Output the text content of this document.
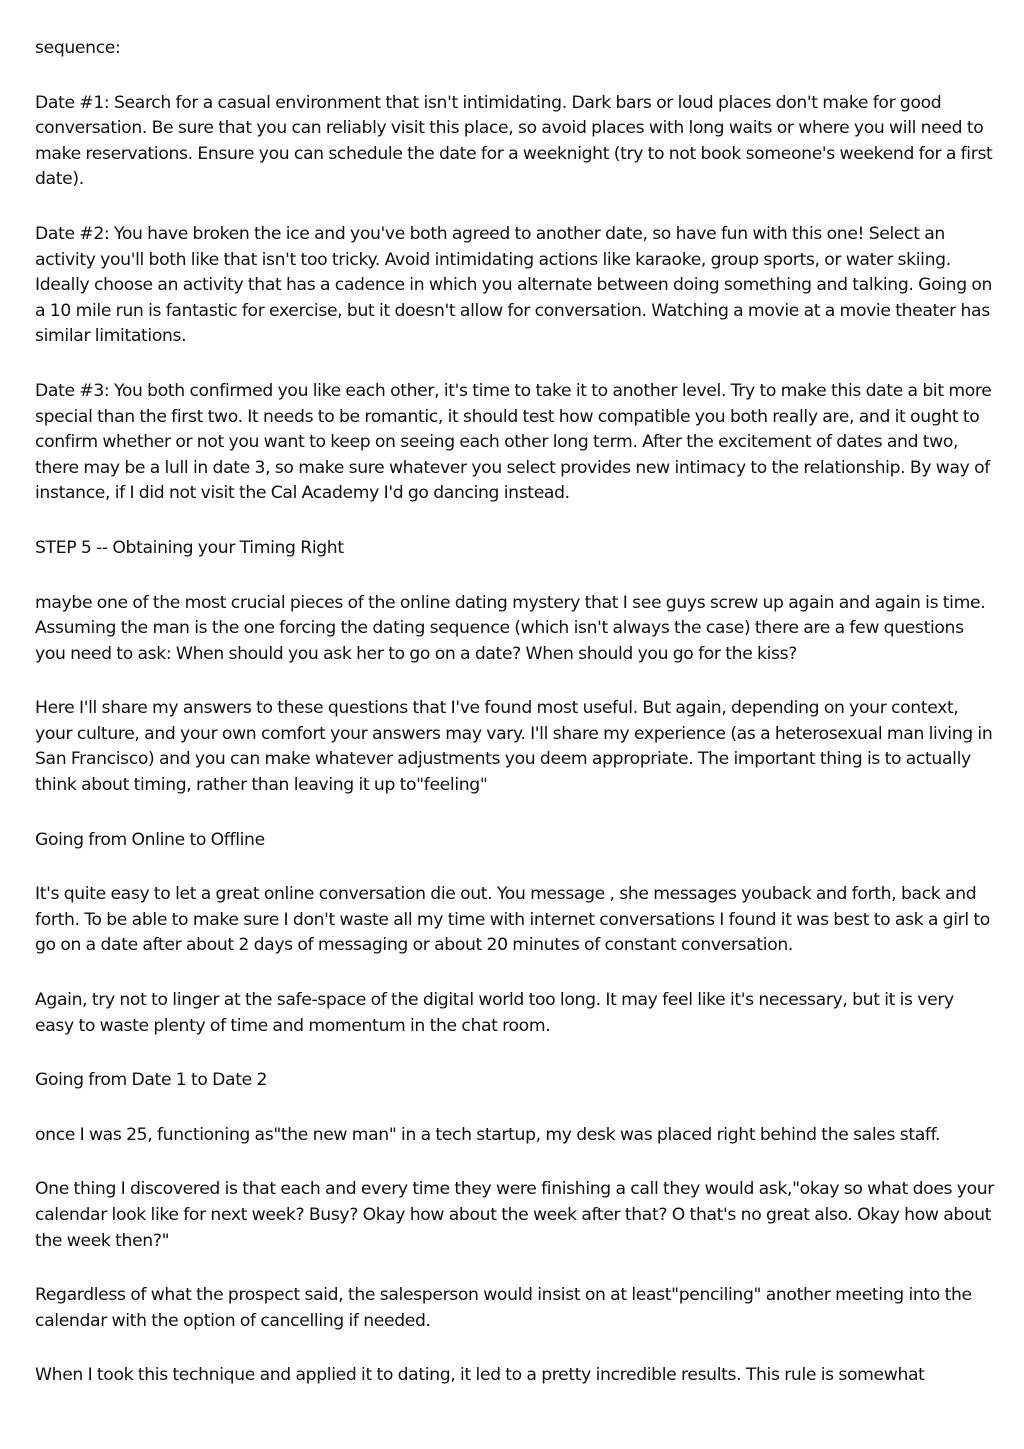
sequence:

Date #1: Search for a casual environment that isn't intimidating. Dark bars or loud places don't make for good conversation. Be sure that you can reliably visit this place, so avoid places with long waits or where you will need to make reservations. Ensure you can schedule the date for a weeknight (try to not book someone's weekend for a first date).

Date #2: You have broken the ice and you've both agreed to another date, so have fun with this one! Select an activity you'll both like that isn't too tricky. Avoid intimidating actions like karaoke, group sports, or water skiing. Ideally choose an activity that has a cadence in which you alternate between doing something and talking. Going on a 10 mile run is fantastic for exercise, but it doesn't allow for conversation. Watching a movie at a movie theater has similar limitations.

Date #3: You both confirmed you like each other, it's time to take it to another level. Try to make this date a bit more special than the first two. It needs to be romantic, it should test how compatible you both really are, and it ought to confirm whether or not you want to keep on seeing each other long term. After the excitement of dates and two, there may be a lull in date 3, so make sure whatever you select provides new intimacy to the relationship. By way of instance, if I did not visit the Cal Academy I'd go dancing instead.

STEP 5 -- Obtaining your Timing Right

maybe one of the most crucial pieces of the online dating mystery that I see guys screw up again and again is time. Assuming the man is the one forcing the dating sequence (which isn't always the case) there are a few questions you need to ask: When should you ask her to go on a date? When should you go for the kiss?

Here I'll share my answers to these questions that I've found most useful. But again, depending on your context, your culture, and your own comfort your answers may vary. I'll share my experience (as a heterosexual man living in San Francisco) and you can make whatever adjustments you deem appropriate. The important thing is to actually think about timing, rather than leaving it up to"feeling"

Going from Online to Offline

It's quite easy to let a great online conversation die out. You message , she messages youback and forth, back and forth. To be able to make sure I don't waste all my time with internet conversations I found it was best to ask a girl to go on a date after about 2 days of messaging or about 20 minutes of constant conversation.

Again, try not to linger at the safe-space of the digital world too long. It may feel like it's necessary, but it is very easy to waste plenty of time and momentum in the chat room.

Going from Date 1 to Date 2

once I was 25, functioning as"the new man" in a tech startup, my desk was placed right behind the sales staff.

One thing I discovered is that each and every time they were finishing a call they would ask,"okay so what does your calendar look like for next week? Busy? Okay how about the week after that? O that's no great also. Okay how about the week then?"

Regardless of what the prospect said, the salesperson would insist on at least"penciling" another meeting into the calendar with the option of cancelling if needed.

When I took this technique and applied it to dating, it led to a pretty incredible results. This rule is somewhat
